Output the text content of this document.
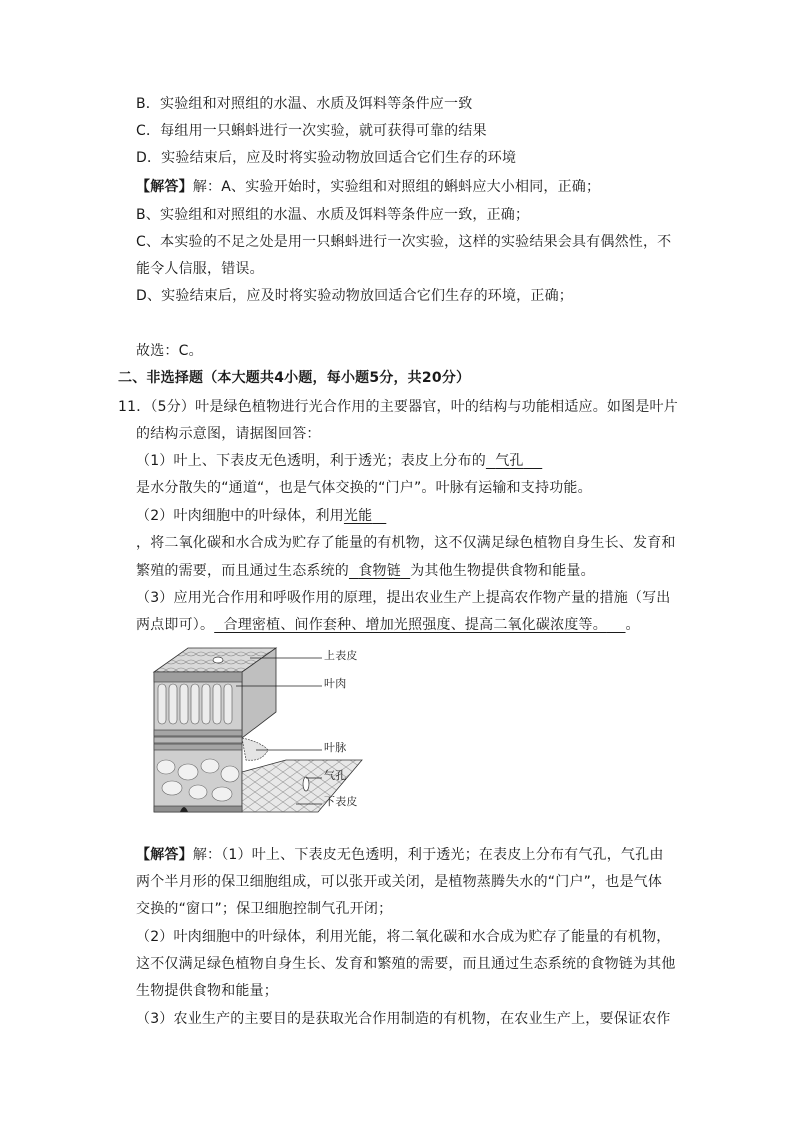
B．实验组和对照组的水温、水质及饵料等条件应一致
C．每组用一只蝌蚪进行一次实验，就可获得可靠的结果
D．实验结束后，应及时将实验动物放回适合它们生存的环境
【解答】解：A、实验开始时，实验组和对照组的蝌蚪应大小相同，正确；
B、实验组和对照组的水温、水质及饵料等条件应一致，正确；
C、本实验的不足之处是用一只蝌蚪进行一次实验，这样的实验结果会具有偶然性，不
能令人信服，错误。
D、实验结束后，应及时将实验动物放回适合它们生存的环境，正确；
故选：C。
二、非选择题（本大题共4小题，每小题5分，共20分）
11．（5分）叶是绿色植物进行光合作用的主要器官，叶的结构与功能相适应。如图是叶片
的结构示意图，请据图回答：
（1）叶上、下表皮无色透明，利于透光；表皮上分布的 气孔
是水分散失的“通道“，也是气体交换的“门户”。叶脉有运输和支持功能。
（2）叶肉细胞中的叶绿体，利用光能
，将二氧化碳和水合成为贮存了能量的有机物，这不仅满足绿色植物自身生长、发育和
繁殖的需要，而且通过生态系统的 食物链 为其他生物提供食物和能量。
（3）应用光合作用和呼吸作用的原理，提出农业生产上提高农作物产量的措施（写出
两点即可）。 合理密植、间作套种、增加光照强度、提高二氧化碳浓度等。 。
上表皮
叶肉
叶脉
气孔
下表皮
【解答】解：（1）叶上、下表皮无色透明，利于透光；在表皮上分布有气孔，气孔由
两个半月形的保卫细胞组成，可以张开或关闭，是植物蒸腾失水的“门户”，也是气体
交换的“窗口”；保卫细胞控制气孔开闭；
（2）叶肉细胞中的叶绿体，利用光能，将二氧化碳和水合成为贮存了能量的有机物，
这不仅满足绿色植物自身生长、发育和繁殖的需要，而且通过生态系统的食物链为其他
生物提供食物和能量；
（3）农业生产的主要目的是获取光合作用制造的有机物，在农业生产上，要保证农作
